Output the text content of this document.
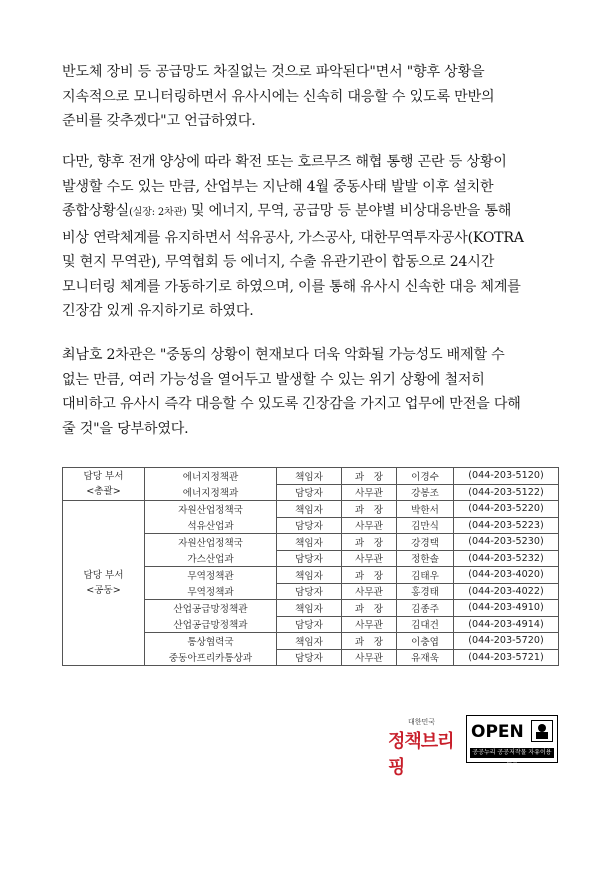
반도체 장비 등 공급망도 차질없는 것으로 파악된다"면서 "향후 상황을
지속적으로 모니터링하면서 유사시에는 신속히 대응할 수 있도록 만반의
준비를 갖추겠다"고 언급하였다.
다만, 향후 전개 양상에 따라 확전 또는 호르무즈 해협 통행 곤란 등 상황이
발생할 수도 있는 만큼, 산업부는 지난해 4월 중동사태 발발 이후 설치한
종합상황실(실장: 2차관) 및 에너지, 무역, 공급망 등 분야별 비상대응반을 통해
비상 연락체계를 유지하면서 석유공사, 가스공사, 대한무역투자공사(KOTRA
및 현지 무역관), 무역협회 등 에너지, 수출 유관기관이 합동으로 24시간
모니터링 체계를 가동하기로 하였으며, 이를 통해 유사시 신속한 대응 체계를
긴장감 있게 유지하기로 하였다.
최남호 2차관은 "중동의 상황이 현재보다 더욱 악화될 가능성도 배제할 수
없는 만큼, 여러 가능성을 열어두고 발생할 수 있는 위기 상황에 철저히
대비하고 유사시 즉각 대응할 수 있도록 긴장감을 가지고 업무에 만전을 다해
줄 것"을 당부하였다.
담당 부서
<총괄>	에너지정책관	책임자	과　장	이경수	(044-203-5120)
	에너지정책과	담당자	사무관	강봉조	(044-203-5122)

담당 부서
<공동>	자원산업정책국	책임자	과　장	박한서	(044-203-5220)
	석유산업과	담당자	사무관	김만식	(044-203-5223)
	자원산업정책국	책임자	과　장	강경택	(044-203-5230)
	가스산업과	담당자	사무관	정한솔	(044-203-5232)
	무역정책관	책임자	과　장	김태우	(044-203-4020)
	무역정책과	담당자	사무관	홍경태	(044-203-4022)
	산업공급망정책관	책임자	과　장	김종주	(044-203-4910)
	산업공급망정책과	담당자	사무관	김대건	(044-203-4914)
	통상협력국	책임자	과　장	이충엽	(044-203-5720)
	중동아프리카통상과	담당자	사무관	유재욱	(044-203-5721)
대한민국
정책브리핑
OPEN
공공누리 공공저작물 자유이용허락
